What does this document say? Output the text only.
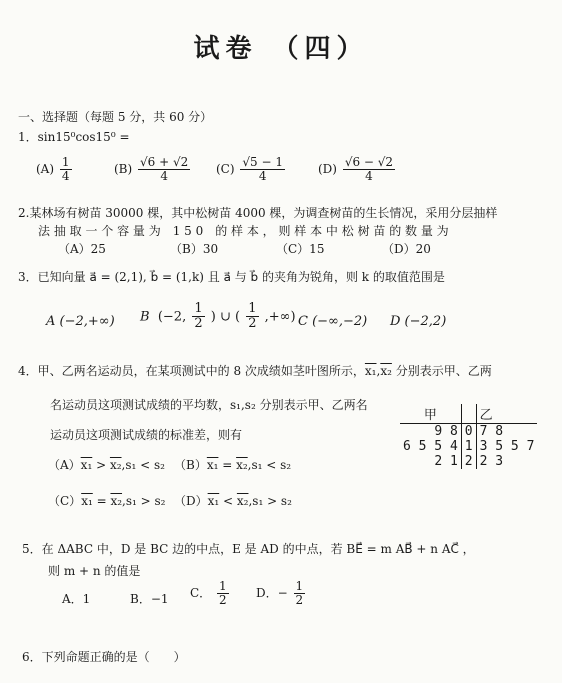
试卷 （四）
一、选择题（每题 5 分，共 60 分）
1．sin15⁰cos15⁰ =
$(A) \frac{1}{4}$	$(B) \frac{√6 + √2}{4} (C) \frac{√5 - 1}{4}$	$(D) \frac{√6 - √2}{4}$
2.某林场有树苗 30000 棵，其中松树苗 4000 棵，为调查树苗的生长情况，采用分层抽样
法 抽 取 一 个 容 量 为　1 5 0　的 样 本 ， 则 样 本 中 松 树 苗 的 数 量 为
（A）25	（B）30	（C）15	（D）20
3．已知向量 a⃗ = (2,1), b⃗ = (1,k) 且 a⃗ 与 b⃗ 的夹角为锐角，则 k 的取值范围是
A (−2,+∞) B (−2, $\frac{1}{2}$ ) ∪ ( $\frac{1}{2}$ ,+∞) C (−∞,−2) D (−2,2)
4．甲、乙两名运动员，在某项测试中的 8 次成绩如茎叶图所示，x₁,x₂ 分别表示甲、乙两
名运动员这项测试成绩的平均数，s₁,s₂ 分别表示甲、乙两名
运动员这项测试成绩的标准差，则有
（A）x₁ > x₂,s₁ < s₂ （B）x₁ = x₂,s₁ < s₂
（C）x₁ = x₂,s₁ > s₂ （D）x₁ < x₂,s₁ > s₂
甲		乙
9 8	0	7 8
6 5 5 4	1	3 5 5 7
2 1	2	2 3
5．在 ΔABC 中，D 是 BC 边的中点，E 是 AD 的中点，若 BE⃗ = m AB⃗ + n AC⃗ ，
则 m + n 的值是
A．1	B．−1 C． $\frac{1}{2}$ D．− $\frac{1}{2}$
6．下列命题正确的是（　　）
